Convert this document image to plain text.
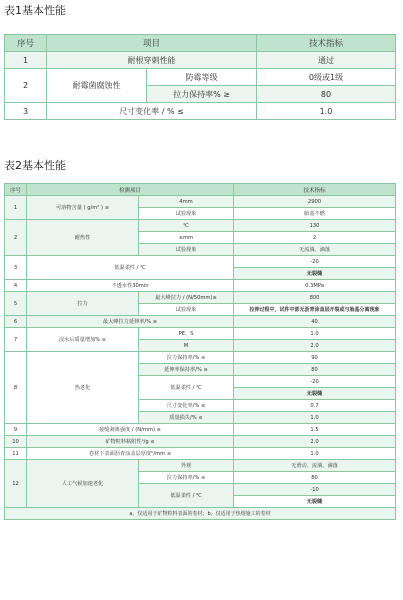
表1基本性能
序号	项目		技术指标
1	耐根穿刺性能		通过
2	耐霉菌腐蚀性	防霉等级	0级或1级
		拉力保持率% ≥	80
3	尺寸变化率 / % ≤		1.0
表2基本性能
序号	检测项目		技术指标
1	可溶物含量 ( g/m² ) ≥	4mm	2900
		试验现象	胎基不燃
2	耐热性	℃	130
		≤mm	2
		试验现象	无流淌、滴落
3	低温柔性 / ℃		-20
			无裂缝
4	不透水性30min		0.3MPa
5	拉力	最大峰拉力 / (N/50mm)≥	800
		试验现象	拉伸过程中，试件中部无沥青涂盖层开裂或与胎基分离现象
6	最大峰拉力延伸率/% ≥		40
7	浸水后质量增加% ≤	PE、S	1.0
		M	2.0
8	热老化	拉力保持率/% ≥	90
		延伸率保持率/% ≥	80
		低温柔性 / ℃	-20
			无裂缝
		尺寸变化率/% ≤	0.7
		质量损失/% ≤	1.0
9	接缝剥离强度 / (N/mm) ≥		1.5
10	矿物粒料粘附性ᵃ/g ≤		2.0
11	卷材下表面沥青涂盖层厚度ᵇ/mm ≥		1.0
12	人工气候加速老化	外观	无滑动、流淌、滴落
		拉力保持率/% ≥	80
		低温柔性 / ℃	-10
			无裂缝
a、仅适用于矿物粒料表面的卷材；b、仅适用于热熔施工的卷材			
